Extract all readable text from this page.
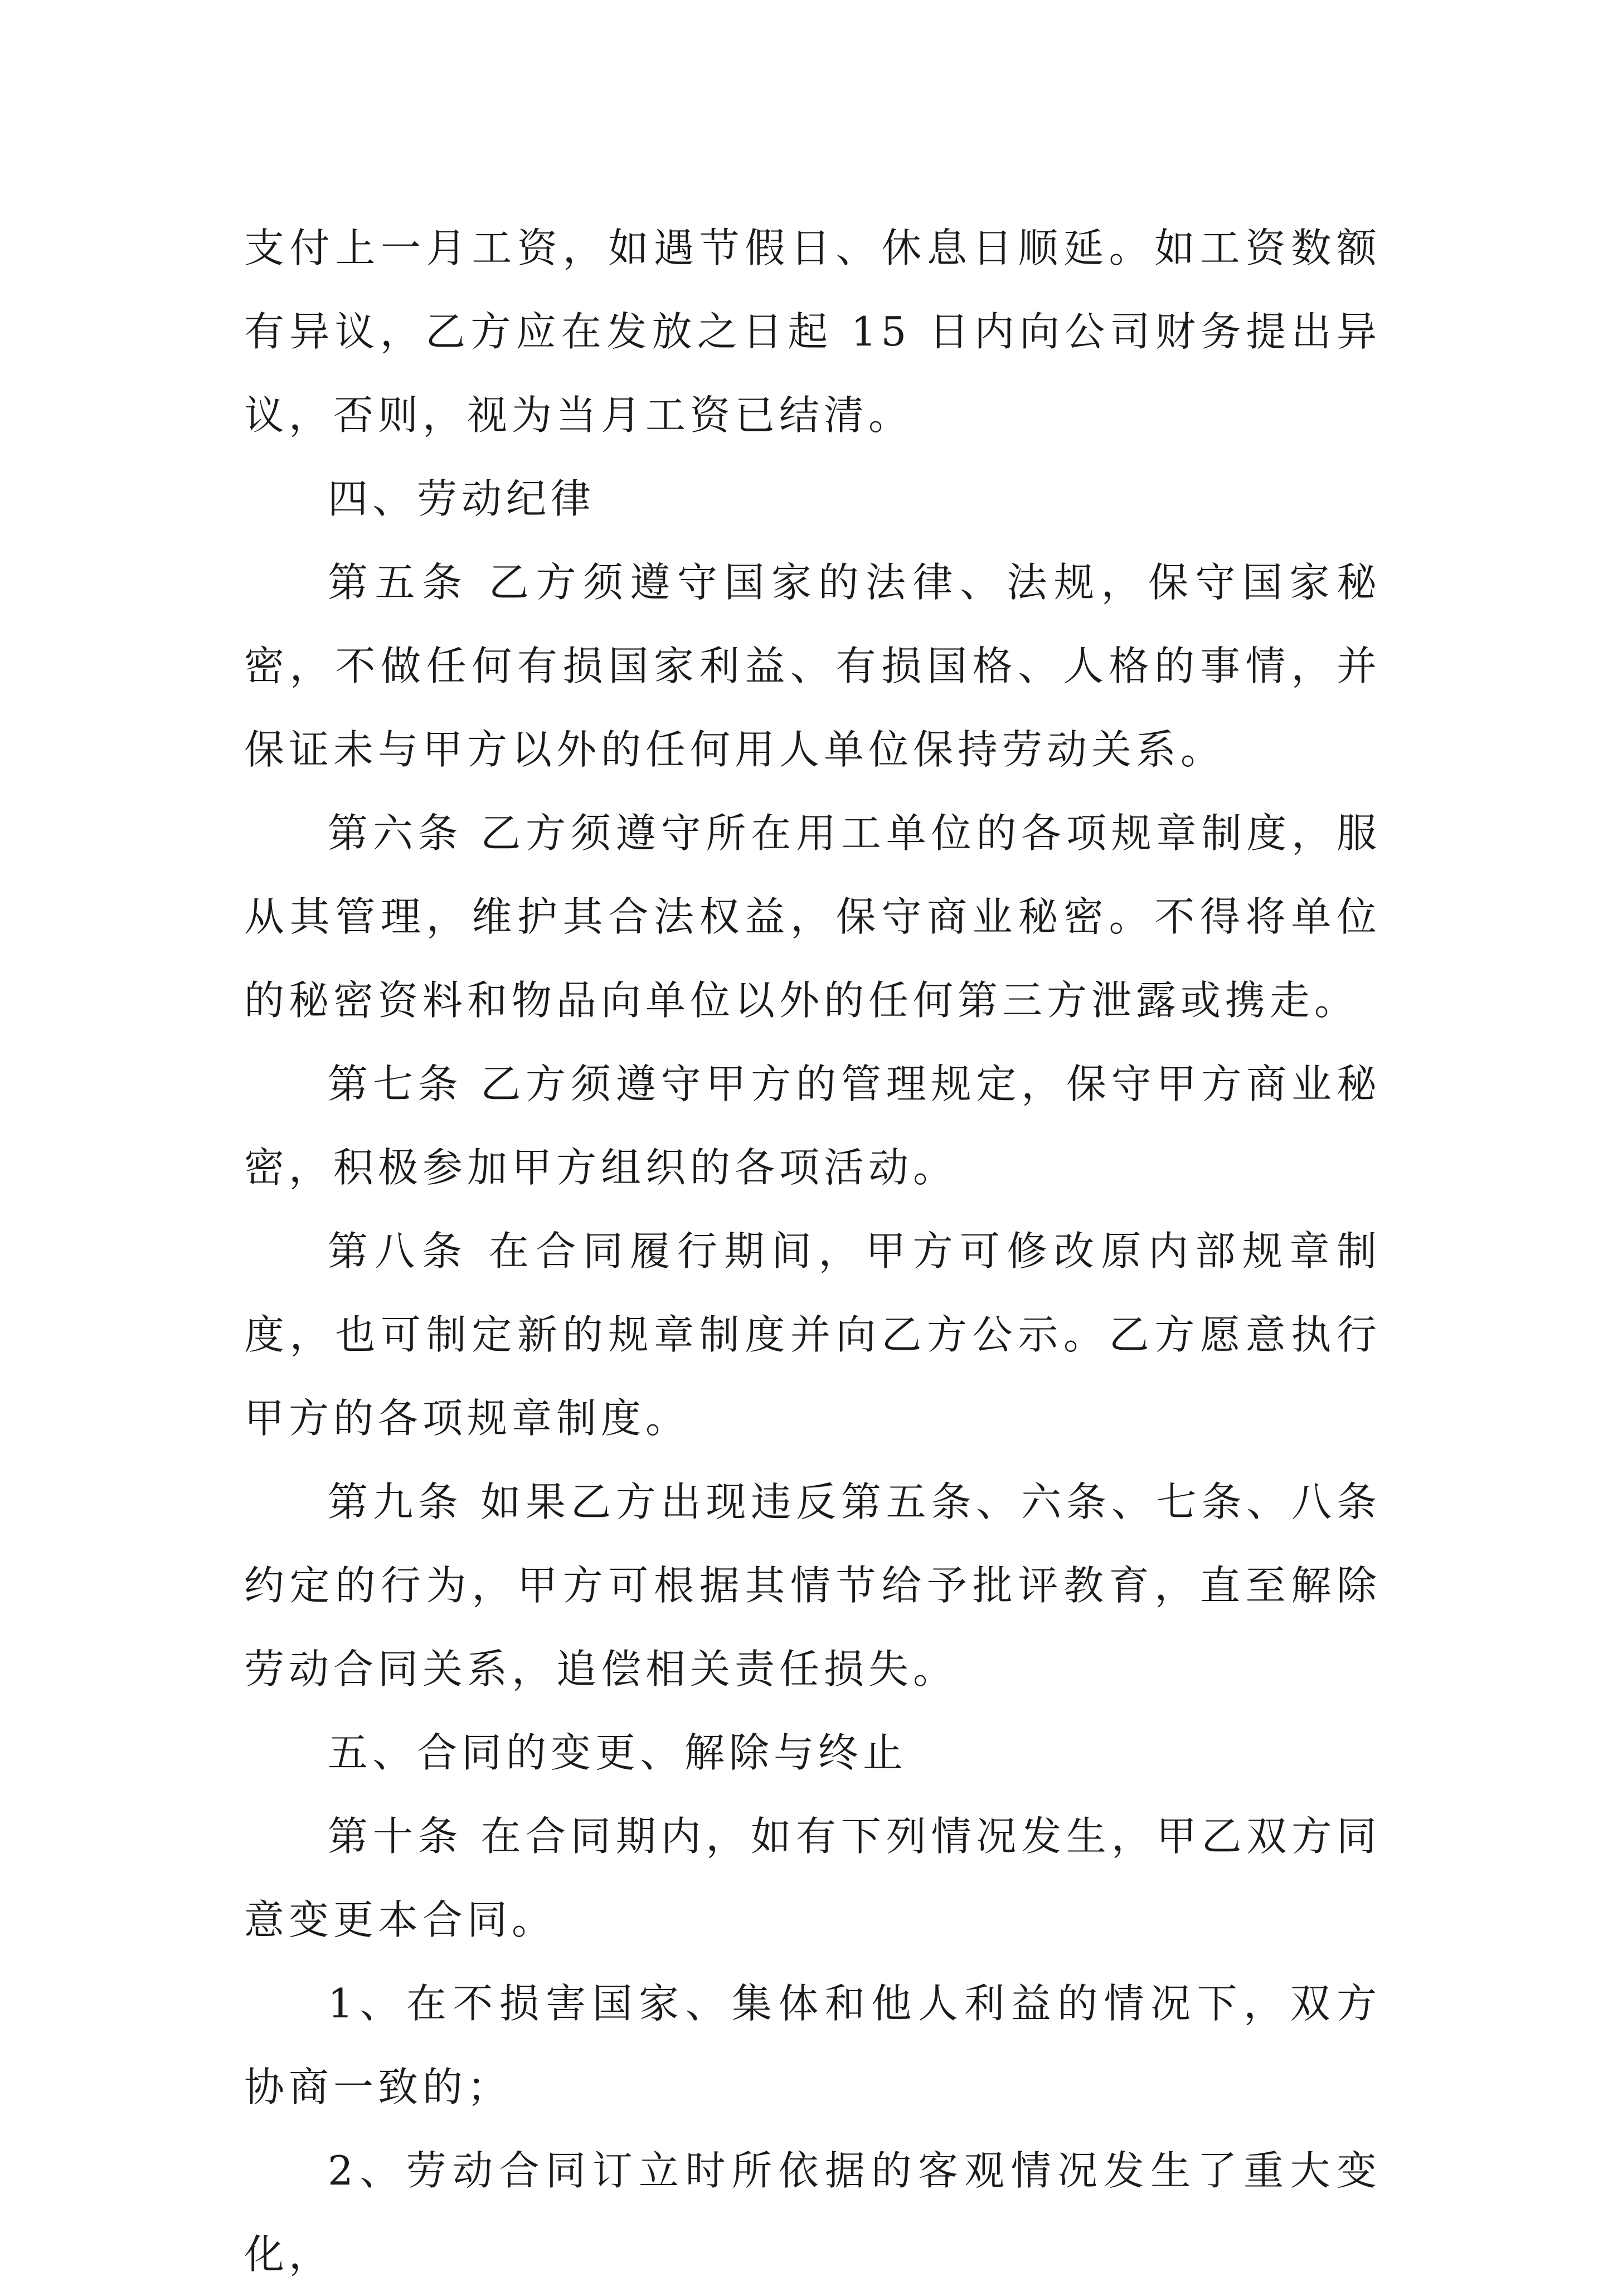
支付上一月工资，如遇节假日、休息日顺延。如工资数额有异议，乙方应在发放之日起 15 日内向公司财务提出异议，否则，视为当月工资已结清。

四、劳动纪律

第五条 乙方须遵守国家的法律、法规，保守国家秘密，不做任何有损国家利益、有损国格、人格的事情，并保证未与甲方以外的任何用人单位保持劳动关系。

第六条 乙方须遵守所在用工单位的各项规章制度，服从其管理，维护其合法权益，保守商业秘密。不得将单位的秘密资料和物品向单位以外的任何第三方泄露或携走。

第七条 乙方须遵守甲方的管理规定，保守甲方商业秘密，积极参加甲方组织的各项活动。

第八条 在合同履行期间，甲方可修改原内部规章制度，也可制定新的规章制度并向乙方公示。乙方愿意执行甲方的各项规章制度。

第九条 如果乙方出现违反第五条、六条、七条、八条约定的行为，甲方可根据其情节给予批评教育，直至解除劳动合同关系，追偿相关责任损失。

五、合同的变更、解除与终止

第十条 在合同期内，如有下列情况发生，甲乙双方同意变更本合同。

1、在不损害国家、集体和他人利益的情况下，双方协商一致的；

2、劳动合同订立时所依据的客观情况发生了重大变化，
